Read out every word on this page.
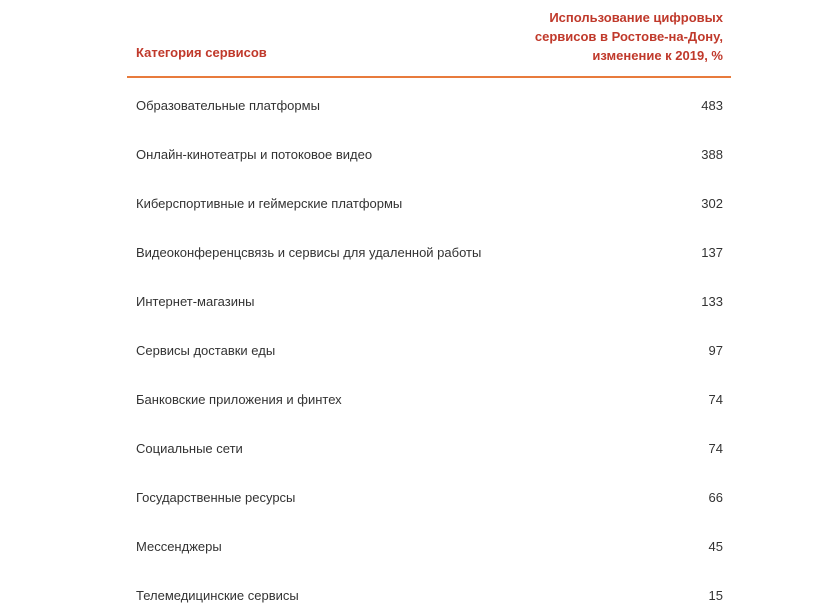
Категория сервисов
Использование цифровых
сервисов в Ростове-на-Дону,
изменение к 2019, %
Образовательные платформы	483
Онлайн-кинотеатры и потоковое видео	388
Киберспортивные и геймерские платформы	302
Видеоконференцсвязь и сервисы для удаленной работы	137
Интернет-магазины	133
Сервисы доставки еды	97
Банковские приложения и финтех	74
Социальные сети	74
Государственные ресурсы	66
Мессенджеры	45
Телемедицинские сервисы	15
